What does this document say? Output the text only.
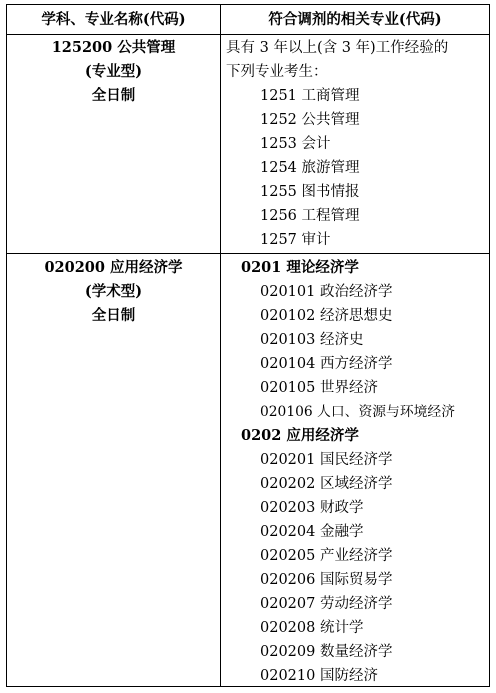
学科、专业名称(代码)	符合调剂的相关专业(代码)
125200 公共管理
(专业型)
全日制
具有 3 年以上(含 3 年)工作经验的
下列专业考生：
1251 工商管理
1252 公共管理
1253 会计
1254 旅游管理
1255 图书情报
1256 工程管理
1257 审计
020200 应用经济学
(学术型)
全日制
0201 理论经济学
020101 政治经济学
020102 经济思想史
020103 经济史
020104 西方经济学
020105 世界经济
020106 人口、资源与环境经济
0202 应用经济学
020201 国民经济学
020202 区域经济学
020203 财政学
020204 金融学
020205 产业经济学
020206 国际贸易学
020207 劳动经济学
020208 统计学
020209 数量经济学
020210 国防经济
